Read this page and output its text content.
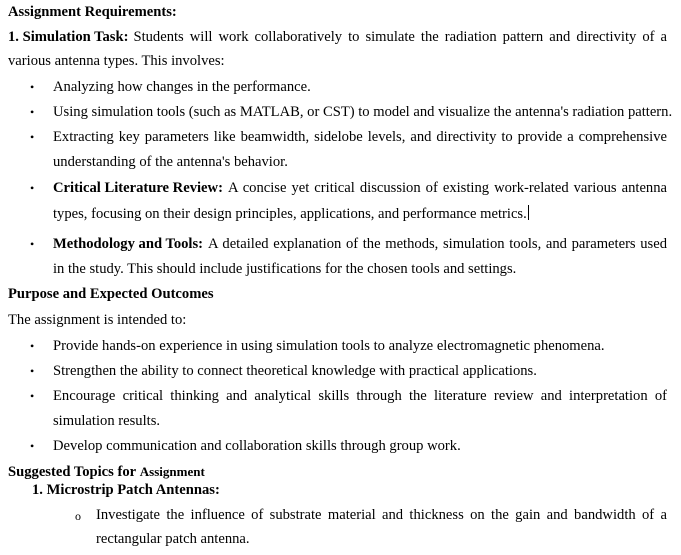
Assignment Requirements:
1. Simulation Task: Students will work collaboratively to simulate the radiation pattern and directivity of a
various antenna types. This involves:
• Analyzing how changes in the performance.
• Using simulation tools (such as MATLAB, or CST) to model and visualize the antenna's radiation pattern.
• Extracting key parameters like beamwidth, sidelobe levels, and directivity to provide a comprehensive
understanding of the antenna's behavior.
• Critical Literature Review: A concise yet critical discussion of existing work-related various antenna
types, focusing on their design principles, applications, and performance metrics.
• Methodology and Tools: A detailed explanation of the methods, simulation tools, and parameters used
in the study. This should include justifications for the chosen tools and settings.
Purpose and Expected Outcomes
The assignment is intended to:
• Provide hands-on experience in using simulation tools to analyze electromagnetic phenomena.
• Strengthen the ability to connect theoretical knowledge with practical applications.
• Encourage critical thinking and analytical skills through the literature review and interpretation of
simulation results.
• Develop communication and collaboration skills through group work.
Suggested Topics for Assignment
1. Microstrip Patch Antennas:
o Investigate the influence of substrate material and thickness on the gain and bandwidth of a
rectangular patch antenna.
